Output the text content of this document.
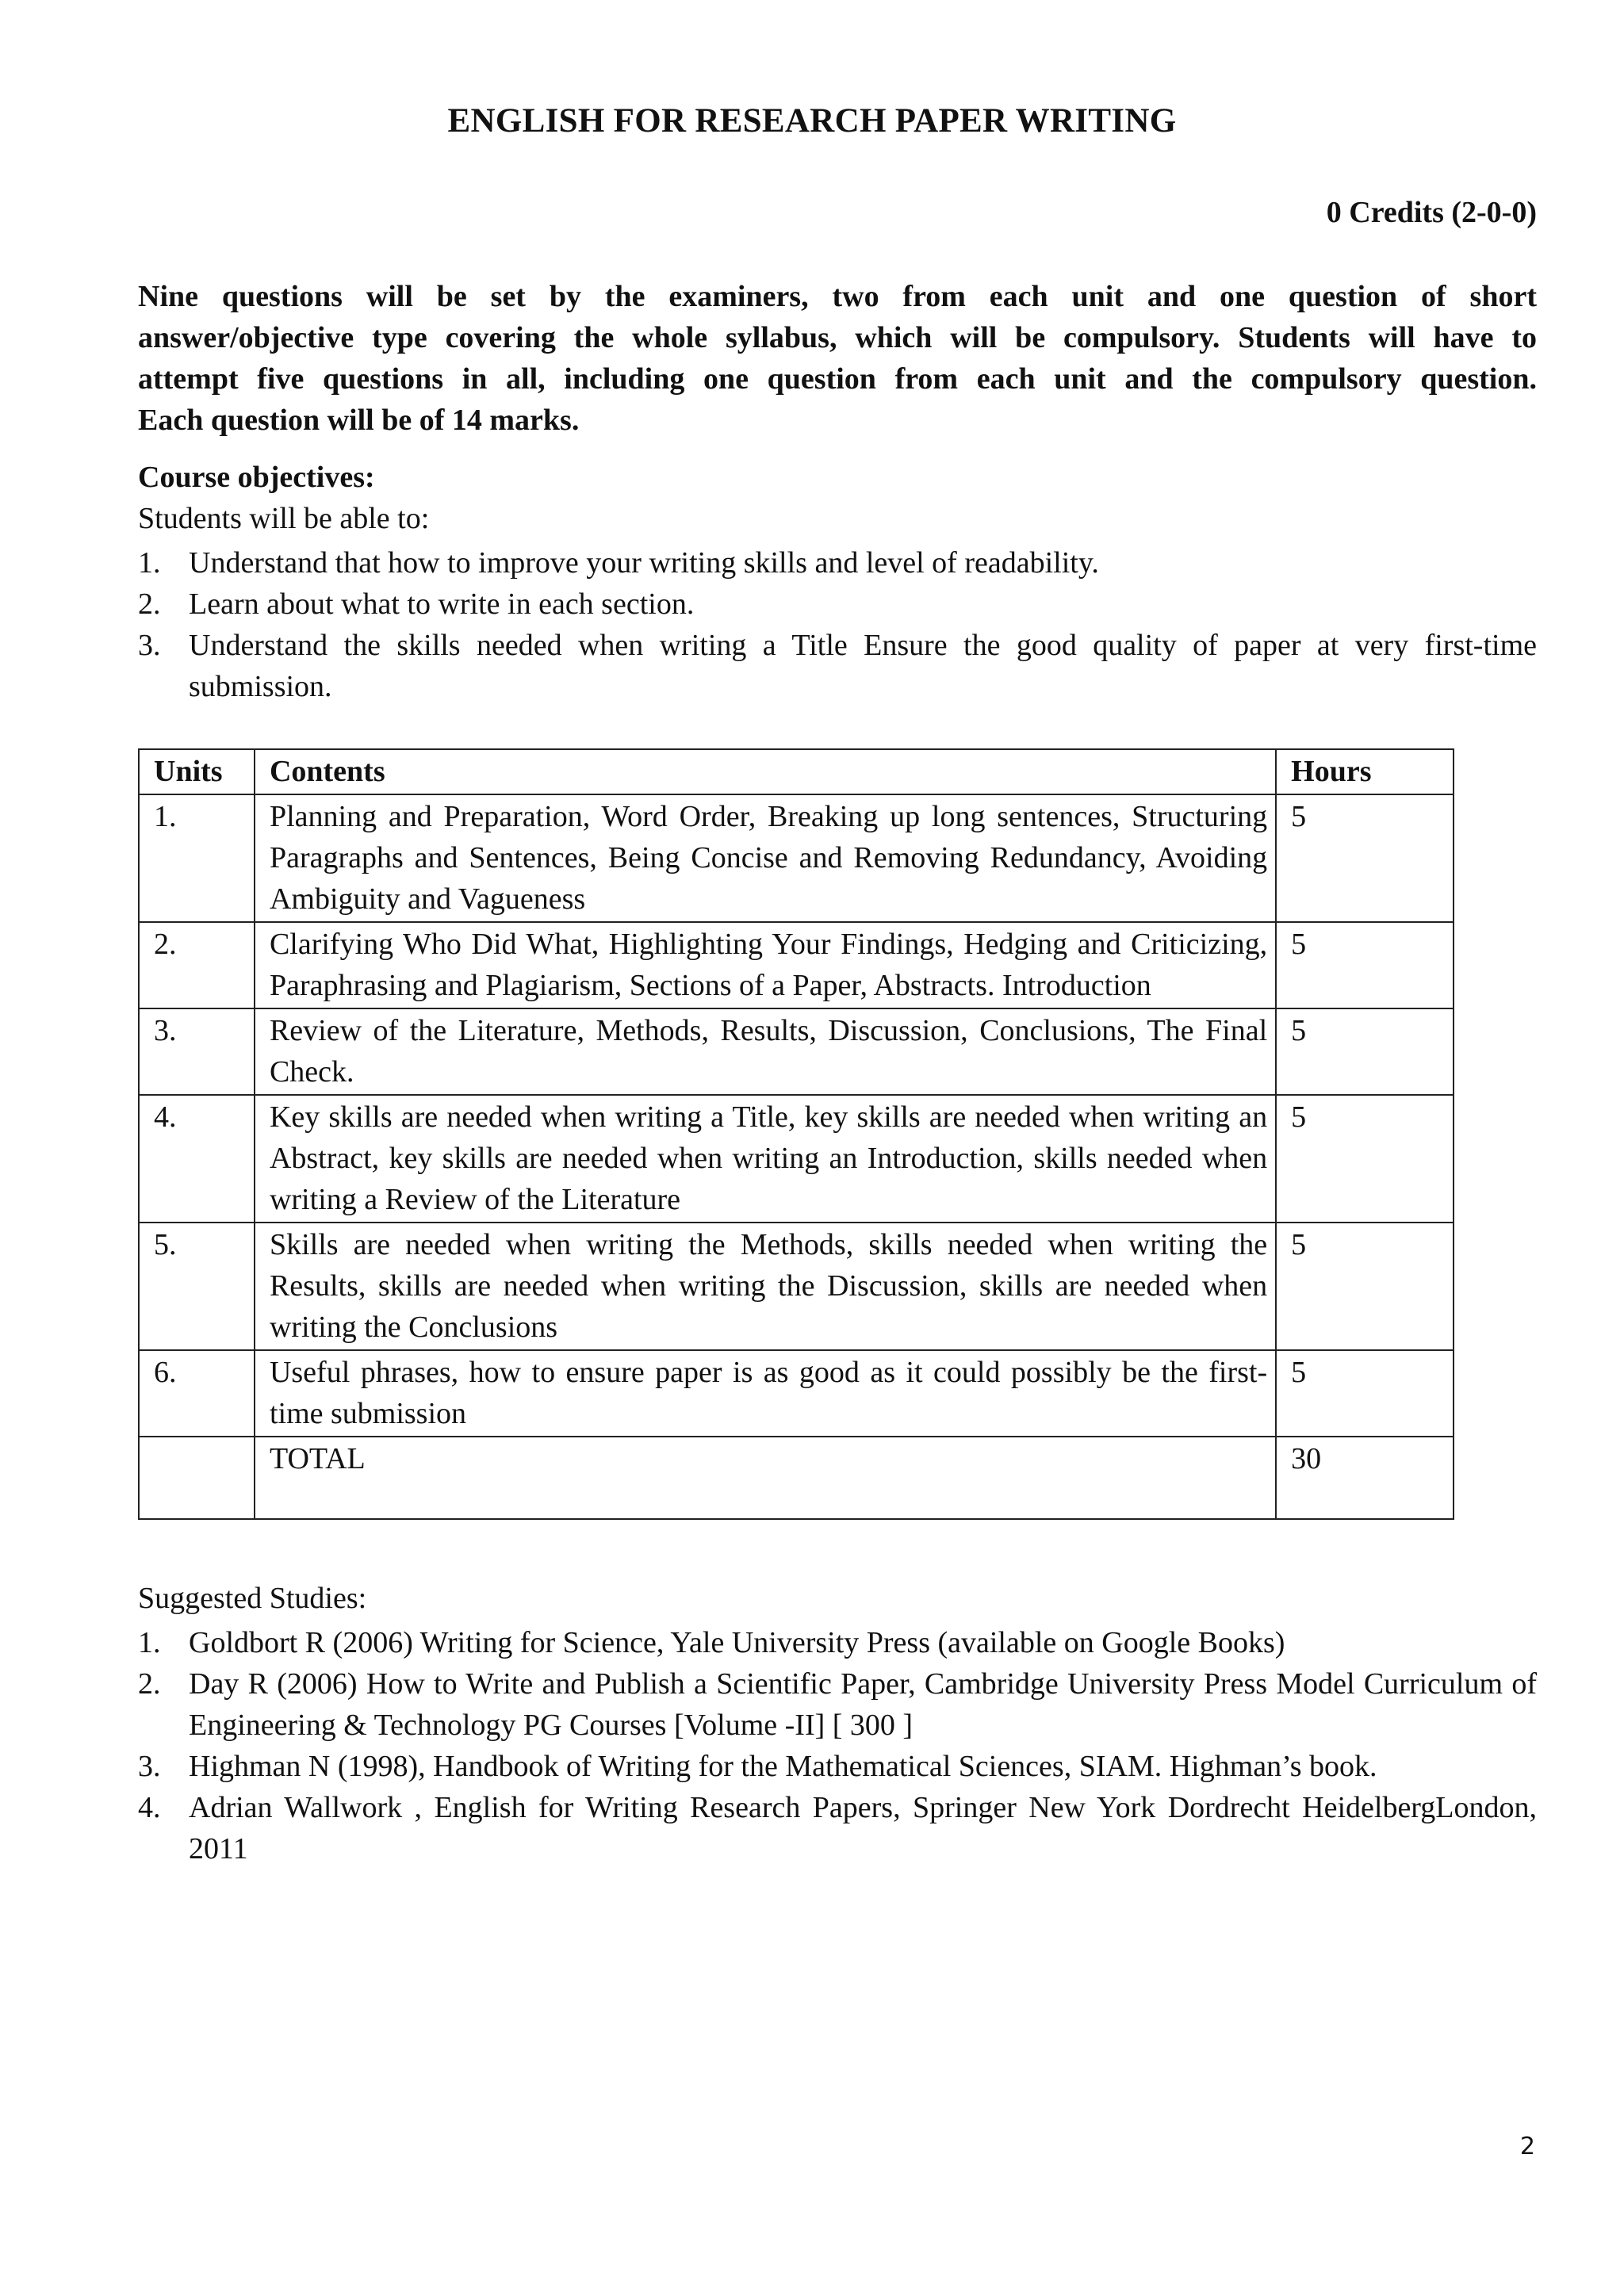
ENGLISH FOR RESEARCH PAPER WRITING
0 Credits (2-0-0)
Nine questions will be set by the examiners, two from each unit and one question of short
answer/objective type covering the whole syllabus, which will be compulsory. Students will have to
attempt five questions in all, including one question from each unit and the compulsory question.
Each question will be of 14 marks.
Course objectives:
Students will be able to:
1. Understand that how to improve your writing skills and level of readability.
2. Learn about what to write in each section.
3. Understand the skills needed when writing a Title Ensure the good quality of paper at very first-time submission.
Units	Contents	Hours
1.	Planning and Preparation, Word Order, Breaking up long sentences, Structuring Paragraphs and Sentences, Being Concise and Removing Redundancy, Avoiding Ambiguity and Vagueness	5
2.	Clarifying Who Did What, Highlighting Your Findings, Hedging and Criticizing, Paraphrasing and Plagiarism, Sections of a Paper, Abstracts. Introduction	5
3.	Review of the Literature, Methods, Results, Discussion, Conclusions, The Final Check.	5
4.	Key skills are needed when writing a Title, key skills are needed when writing an Abstract, key skills are needed when writing an Introduction, skills needed when writing a Review of the Literature	5
5.	Skills are needed when writing the Methods, skills needed when writing the Results, skills are needed when writing the Discussion, skills are needed when writing the Conclusions	5
6.	Useful phrases, how to ensure paper is as good as it could possibly be the first- time submission	5
	TOTAL	30
Suggested Studies:
1. Goldbort R (2006) Writing for Science, Yale University Press (available on Google Books)
2. Day R (2006) How to Write and Publish a Scientific Paper, Cambridge University Press Model Curriculum of Engineering & Technology PG Courses [Volume -II] [ 300 ]
3. Highman N (1998), Handbook of Writing for the Mathematical Sciences, SIAM. Highman’s book.
4. Adrian Wallwork , English for Writing Research Papers, Springer New York Dordrecht HeidelbergLondon, 2011
2
